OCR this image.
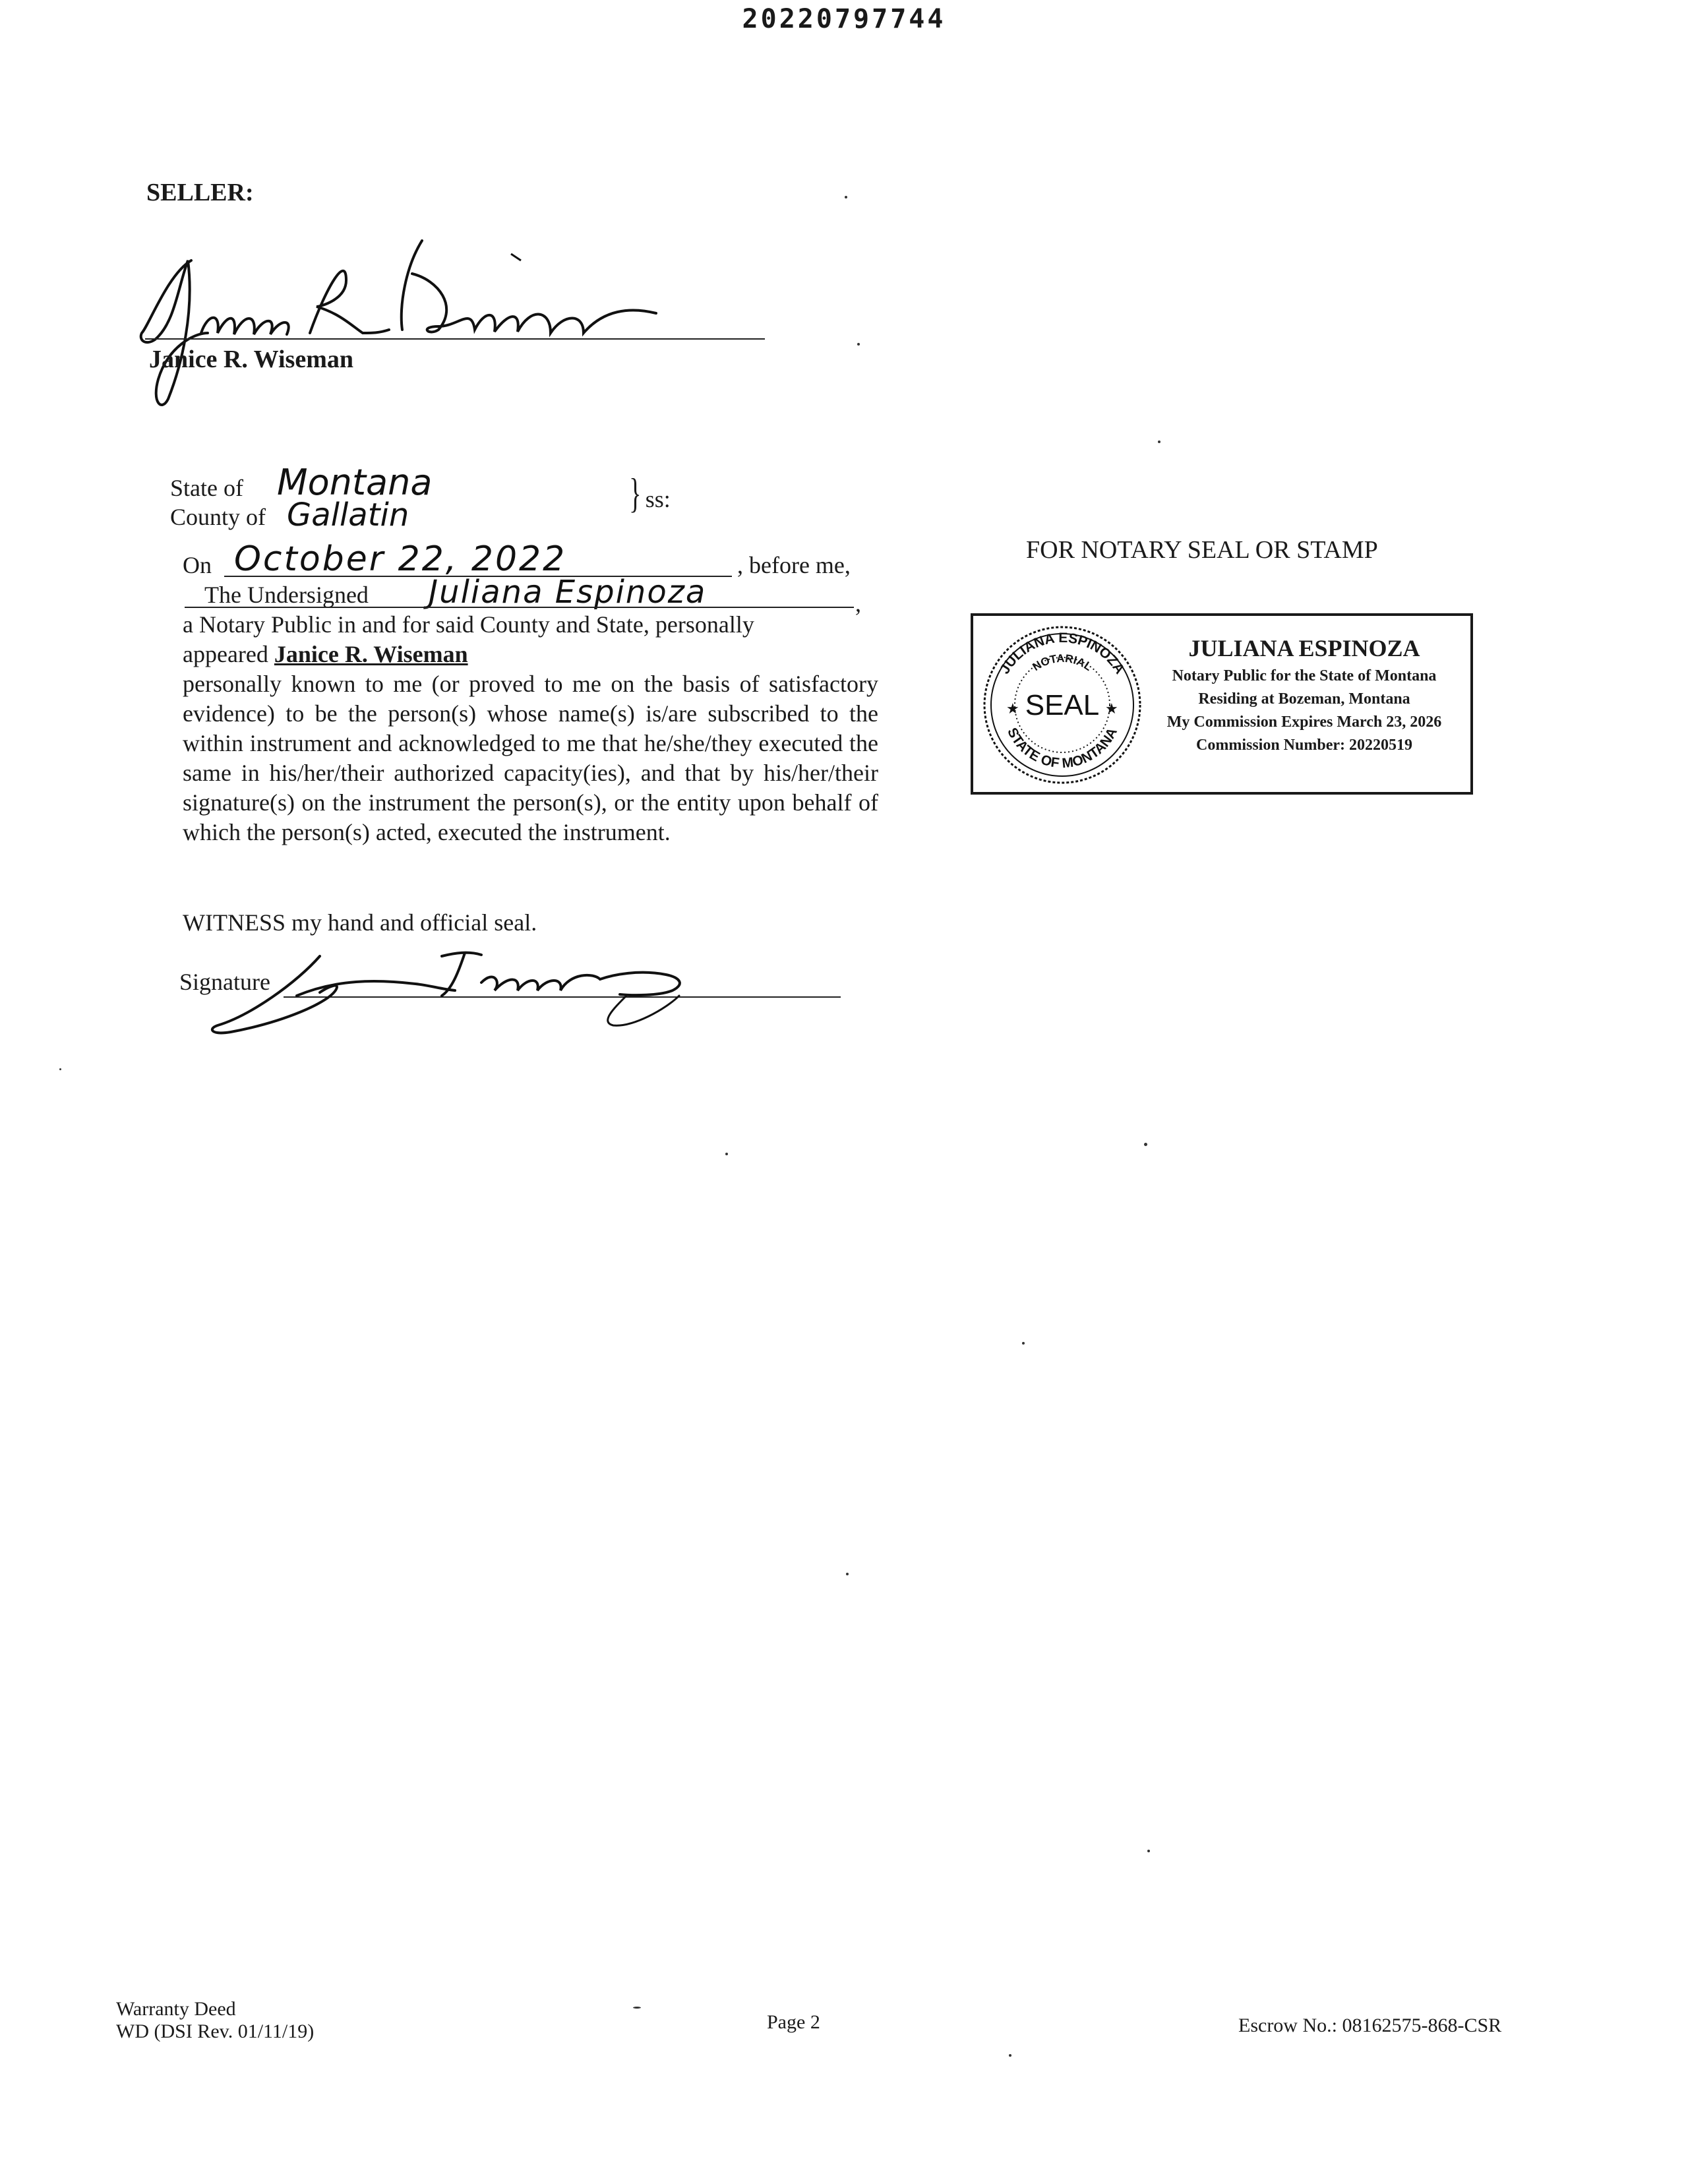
20220797744
SELLER:
Janice R. Wiseman
State of Montana
County of Gallatin	} ss:
On October 22, 2022	, before me,
The Undersigned Juliana Espinoza	,

a Notary Public in and for said County and State, personally

appeared Janice R. Wiseman

personally known to me (or proved to me on the basis of satisfactory evidence) to be the person(s) whose name(s) is/are subscribed to the within instrument and acknowledged to me that he/she/they executed the same in his/her/their authorized capacity(ies), and that by his/her/their signature(s) on the instrument the person(s), or the entity upon behalf of which the person(s) acted, executed the instrument.

WITNESS my hand and official seal.
Signature
FOR NOTARY SEAL OR STAMP
JULIANA ESPINOZA
NOTARIAL
SEAL
★	★
STATE OF MONTANA
JULIANA ESPINOZA
Notary Public for the State of Montana
Residing at Bozeman, Montana
My Commission Expires March 23, 2026
Commission Number: 20220519
Warranty Deed
WD (DSI Rev. 01/11/19)	Page 2	Escrow No.: 08162575-868-CSR
